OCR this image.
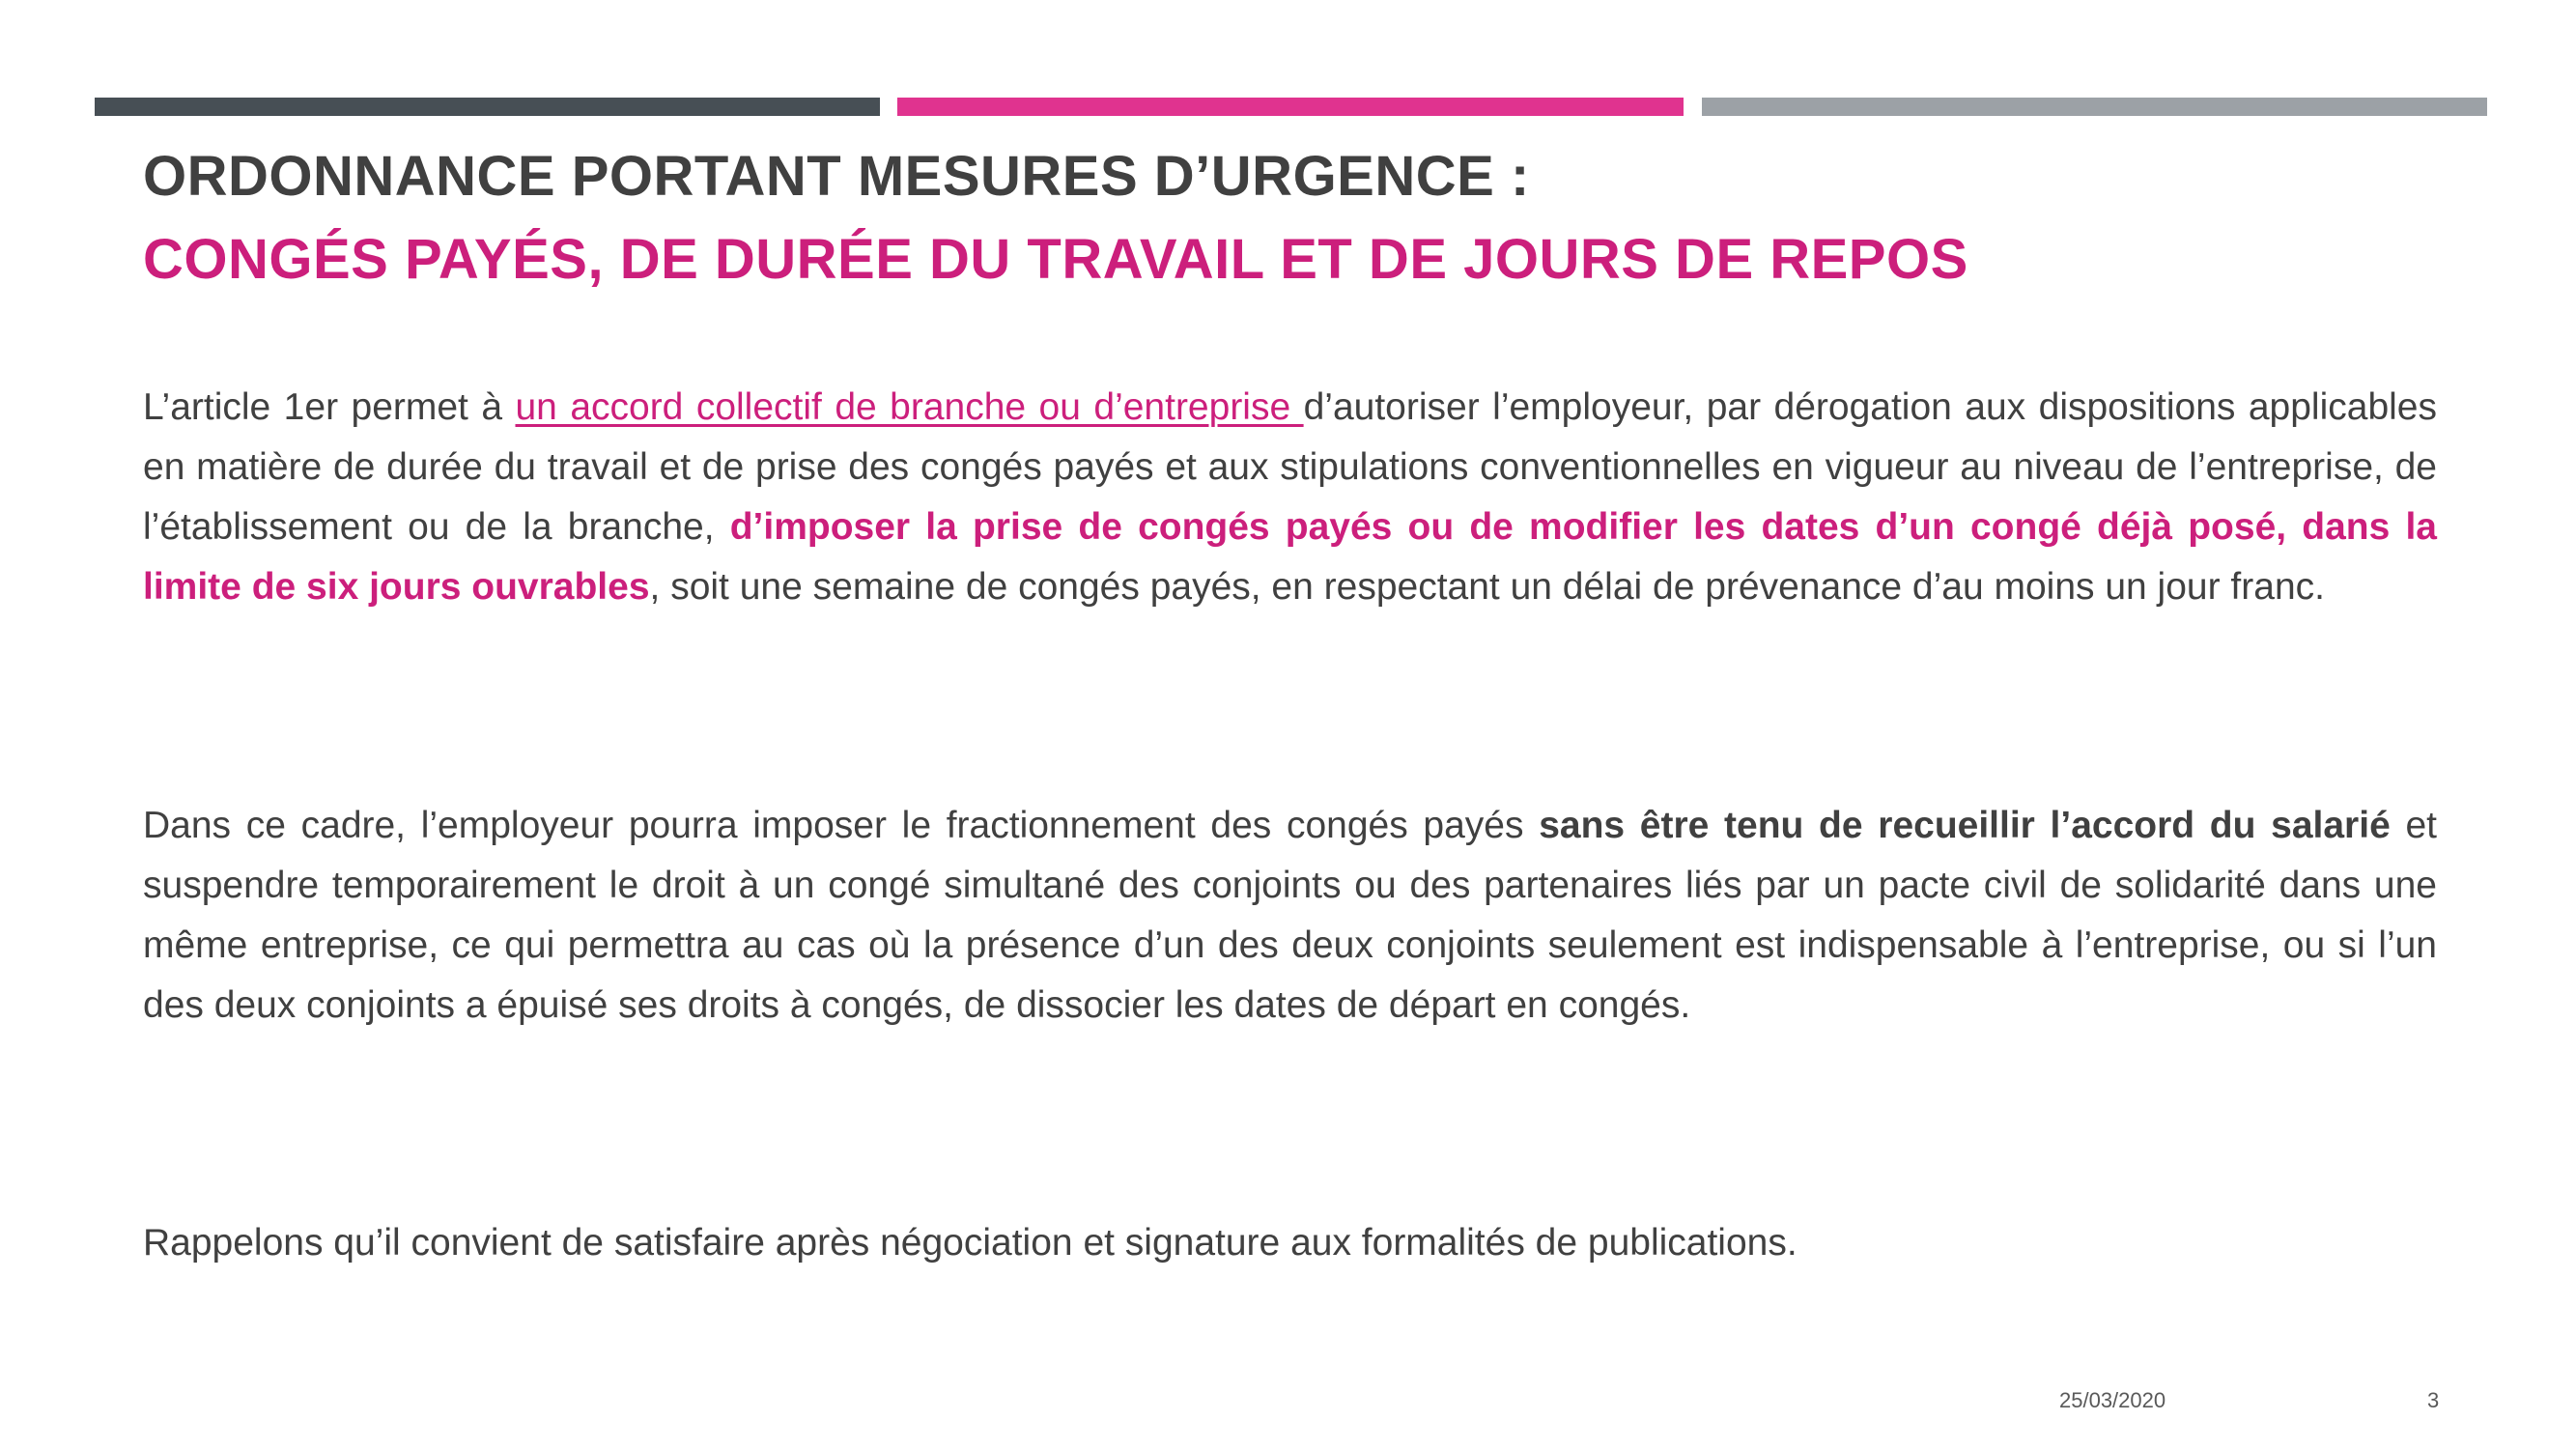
ORDONNANCE PORTANT MESURES D’URGENCE :
CONGÉS PAYÉS, DE DURÉE DU TRAVAIL ET DE JOURS DE REPOS

L’article 1er permet à un accord collectif de branche ou d’entreprise d’autoriser l’employeur, par dérogation aux dispositions applicables en matière de durée du travail et de prise des congés payés et aux stipulations conventionnelles en vigueur au niveau de l’entreprise, de l’établissement ou de la branche, d’imposer la prise de congés payés ou de modifier les dates d’un congé déjà posé, dans la limite de six jours ouvrables, soit une semaine de congés payés, en respectant un délai de prévenance d’au moins un jour franc.

Dans ce cadre, l’employeur pourra imposer le fractionnement des congés payés sans être tenu de recueillir l’accord du salarié et suspendre temporairement le droit à un congé simultané des conjoints ou des partenaires liés par un pacte civil de solidarité dans une même entreprise, ce qui permettra au cas où la présence d’un des deux conjoints seulement est indispensable à l’entreprise, ou si l’un des deux conjoints a épuisé ses droits à congés, de dissocier les dates de départ en congés.

Rappelons qu’il convient de satisfaire après négociation et signature aux formalités de publications.

25/03/2020	3
